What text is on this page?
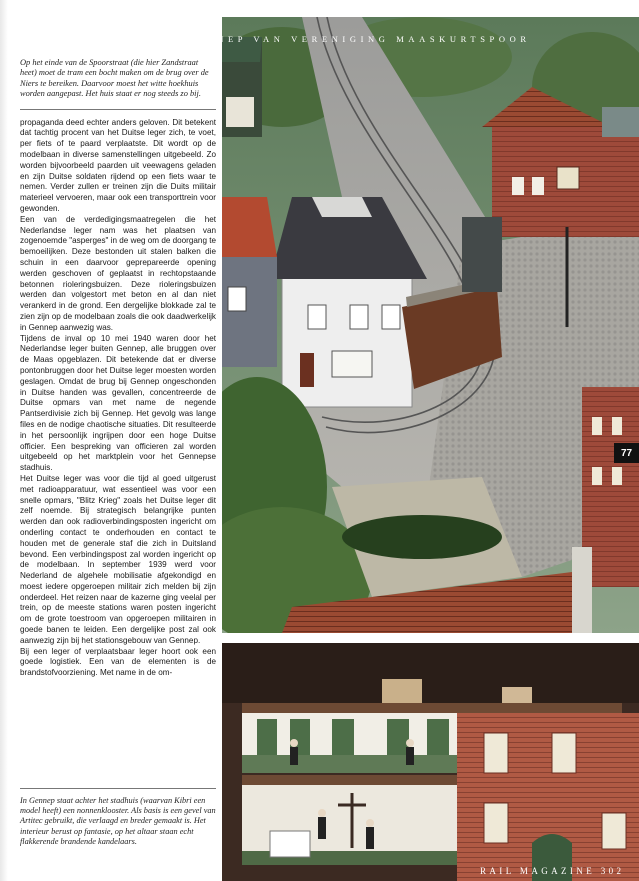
GENNEP VAN VERENIGING MAASKURTSPOOR
77
RAIL MAGAZINE 302

Op het einde van de Spoorstraat (die hier Zandstraat heet) moet de tram een bocht maken om de brug over de Niers te bereiken. Daarvoor moest het witte hoekhuis worden aangepast. Het huis staat er nog steeds zo bij.

propaganda deed echter anders geloven. Dit betekent dat tachtig procent van het Duitse leger zich, te voet, per fiets of te paard verplaatste. Dit wordt op de modelbaan in diverse samenstellingen uitgebeeld. Zo worden bijvoorbeeld paarden uit veewagens geladen en zijn Duitse soldaten rijdend op een fiets waar te nemen. Verder zullen er treinen zijn die Duits militair materieel vervoeren, maar ook een transporttrein voor gewonden.

Een van de verdedigingsmaatregelen die het Nederlandse leger nam was het plaatsen van zogenoemde "asperges" in de weg om de doorgang te bemoeilijken. Deze bestonden uit stalen balken die schuin in een daarvoor geprepareerde opening werden geschoven of geplaatst in rechtopstaande betonnen rioleringsbuizen. Deze rioleringsbuizen werden dan volgestort met beton en al dan niet verankerd in de grond. Een dergelijke blokkade zal te zien zijn op de modelbaan zoals die ook daadwerkelijk in Gennep aanwezig was.

Tijdens de inval op 10 mei 1940 waren door het Nederlandse leger buiten Gennep, alle bruggen over de Maas opgeblazen. Dit betekende dat er diverse pontonbruggen door het Duitse leger moesten worden geslagen. Omdat de brug bij Gennep ongeschonden in Duitse handen was gevallen, concentreerde de Duitse opmars van met name de negende Pantserdivisie zich bij Gennep. Het gevolg was lange files en de nodige chaotische situaties. Dit resulteerde in het persoonlijk ingrijpen door een hoge Duitse officier. Een bespreking van officieren zal worden uitgebeeld op het marktplein voor het Gennepse stadhuis.

Het Duitse leger was voor die tijd al goed uitgerust met radioapparatuur, wat essentieel was voor een snelle opmars, "Blitz Krieg" zoals het Duitse leger dit zelf noemde. Bij strategisch belangrijke punten werden dan ook radioverbindingsposten ingericht om onderling contact te onderhouden en contact te houden met de generale staf die zich in Duitsland bevond. Een verbindingspost zal worden ingericht op de modelbaan. In september 1939 werd voor Nederland de algehele mobilisatie afgekondigd en moest iedere opgeroepen militair zich melden bij zijn onderdeel. Het reizen naar de kazerne ging veelal per trein, op de meeste stations waren posten ingericht om de grote toestroom van opgeroepen militairen in goede banen te leiden. Een dergelijke post zal ook aanwezig zijn bij het stationsgebouw van Gennep.

Bij een leger of verplaatsbaar leger hoort ook een goede logistiek. Een van de elementen is de brandstofvoorziening. Met name in de om-

In Gennep staat achter het stadhuis (waarvan Kibri een model heeft) een nonnenklooster. Als basis is een gevel van Artitec gebruikt, die verlaagd en breder gemaakt is. Het interieur berust op fantasie, op het altaar staan echt flakkerende brandende kandelaars.
